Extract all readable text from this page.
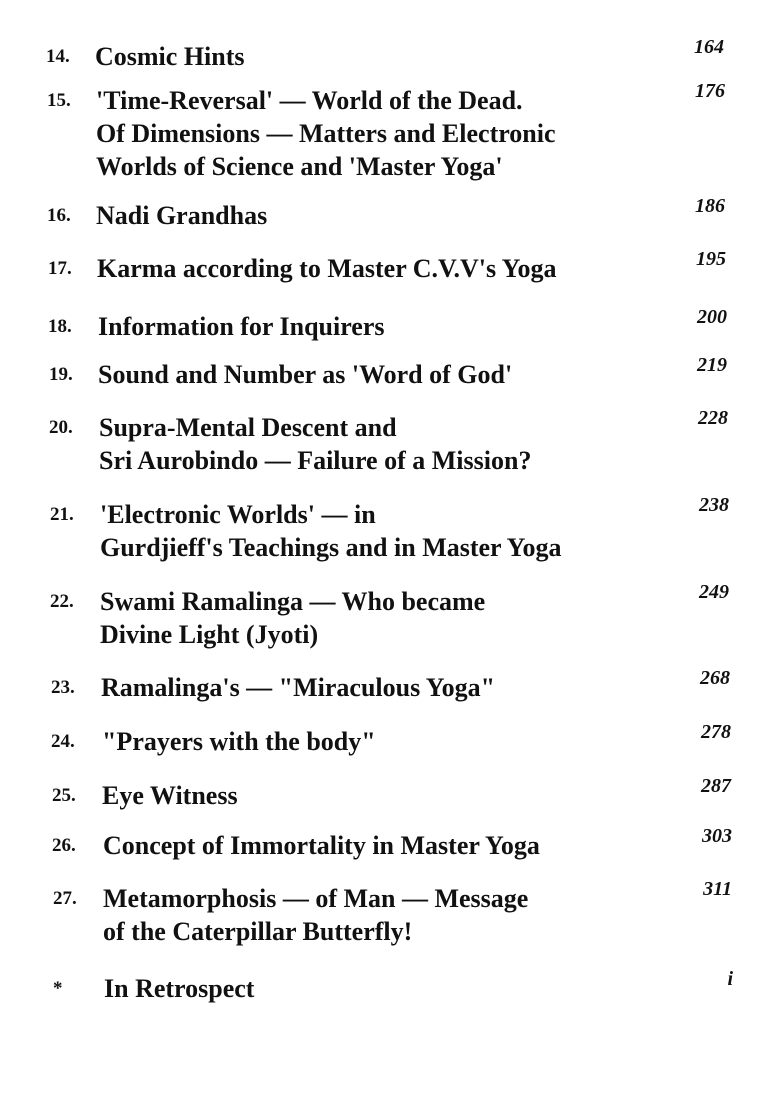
14. Cosmic Hints	164
15. 'Time-Reversal' — World of the Dead.
Of Dimensions — Matters and Electronic
Worlds of Science and 'Master Yoga'
176
16. Nadi Grandhas	186
17. Karma according to Master C.V.V's Yoga	195
18. Information for Inquirers	200
19. Sound and Number as 'Word of God'	219
20. Supra-Mental Descent and
Sri Aurobindo — Failure of a Mission?
228
21. 'Electronic Worlds' — in
Gurdjieff's Teachings and in Master Yoga
238
22. Swami Ramalinga — Who became
Divine Light (Jyoti)
249
23. Ramalinga's — "Miraculous Yoga"	268
24. "Prayers with the body"	278
25. Eye Witness	287
26. Concept of Immortality in Master Yoga	303
27. Metamorphosis — of Man — Message
of the Caterpillar Butterfly!
311
* In Retrospect	i
